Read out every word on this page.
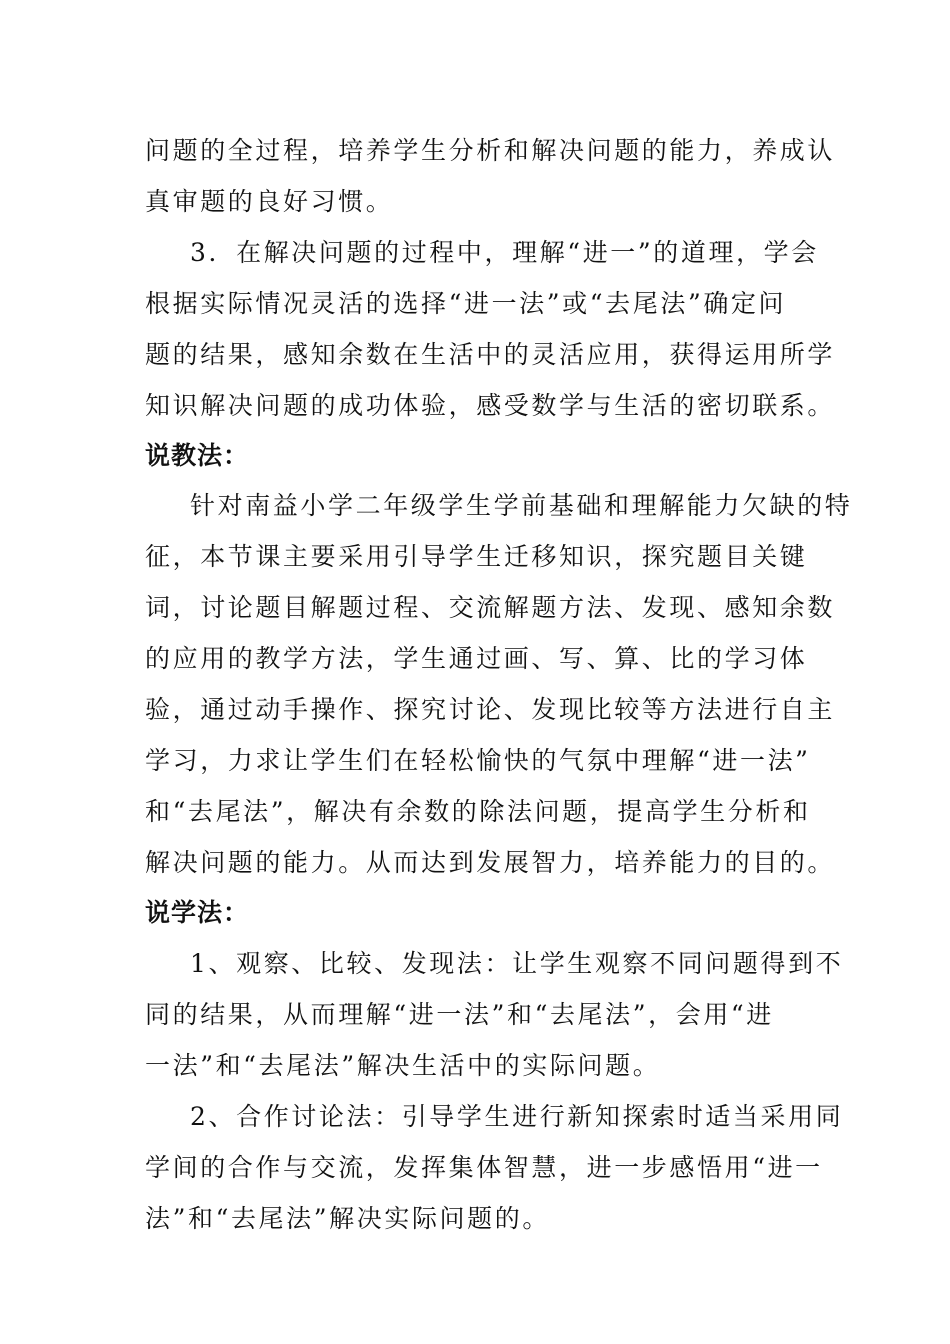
问题的全过程，培养学生分析和解决问题的能力，养成认
真审题的良好习惯。
3．在解决问题的过程中，理解“进一”的道理，学会
根据实际情况灵活的选择“进一法”或“去尾法”确定问
题的结果，感知余数在生活中的灵活应用，获得运用所学
知识解决问题的成功体验，感受数学与生活的密切联系。
说教法：
针对南益小学二年级学生学前基础和理解能力欠缺的特
征，本节课主要采用引导学生迁移知识，探究题目关键
词，讨论题目解题过程、交流解题方法、发现、感知余数
的应用的教学方法，学生通过画、写、算、比的学习体
验，通过动手操作、探究讨论、发现比较等方法进行自主
学习，力求让学生们在轻松愉快的气氛中理解“进一法”
和“去尾法”，解决有余数的除法问题，提高学生分析和
解决问题的能力。从而达到发展智力，培养能力的目的。
说学法：
1、观察、比较、发现法：让学生观察不同问题得到不
同的结果，从而理解“进一法”和“去尾法”，会用“进
一法”和“去尾法”解决生活中的实际问题。
2、合作讨论法：引导学生进行新知探索时适当采用同
学间的合作与交流，发挥集体智慧，进一步感悟用“进一
法”和“去尾法”解决实际问题的。
